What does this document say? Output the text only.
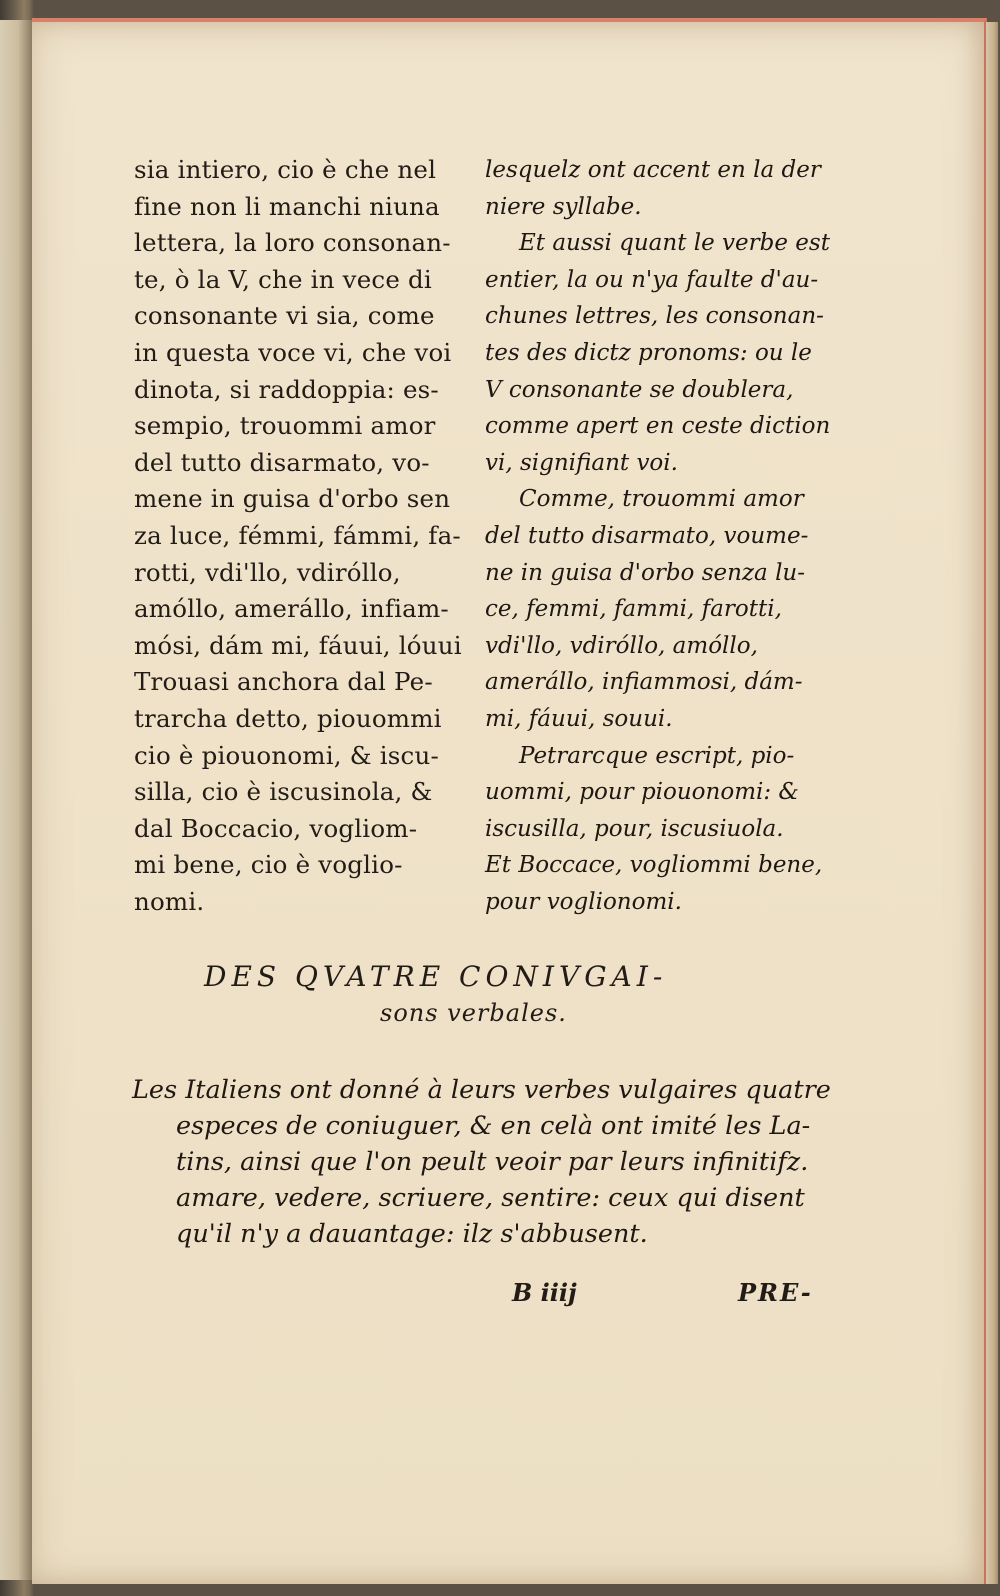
sia intiero, cio è che nel
fine non li manchi niuna
lettera, la loro consonan-
te, ò la V, che in vece di
consonante vi sia, come
in questa voce vi, che voi
dinota, si raddoppia: es-
sempio, trouommi amor
del tutto disarmato, vo-
mene in guisa d'orbo sen
za luce, fémmi, fámmi, fa-
rotti, vdi'llo, vdiróllo,
amóllo, amerállo, infiam-
mósi, dám mi, fáuui, lóuui
Trouasi anchora dal Pe-
trarcha detto, piouommi
cio è piouonomi, & iscu-
silla, cio è iscusinola, &
dal Boccacio, vogliom-
mi bene, cio è voglio-
nomi.
lesquelz ont accent en la der
niere syllabe.
Et aussi quant le verbe est
entier, la ou n'ya faulte d'au-
chunes lettres, les consonan-
tes des dictz pronoms: ou le
V consonante se doublera,
comme apert en ceste diction
vi, signifiant voi.
Comme, trouommi amor
del tutto disarmato, voume-
ne in guisa d'orbo senza lu-
ce, femmi, fammi, farotti,
vdi'llo, vdiróllo, amóllo,
amerállo, infiammosi, dám-
mi, fáuui, souui.
Petrarcque escript, pio-
uommi, pour piouonomi: &
iscusilla, pour, iscusiuola.
Et Boccace, vogliommi bene,
pour voglionomi.
DES QVATRE CONIVGAI-
sons verbales.
Les Italiens ont donné à leurs verbes vulgaires quatre
especes de coniuguer, & en celà ont imité les La-
tins, ainsi que l'on peult veoir par leurs infinitifz.
amare, vedere, scriuere, sentire: ceux qui disent
qu'il n'y a dauantage: ilz s'abbusent.
B iiij	PRE-
